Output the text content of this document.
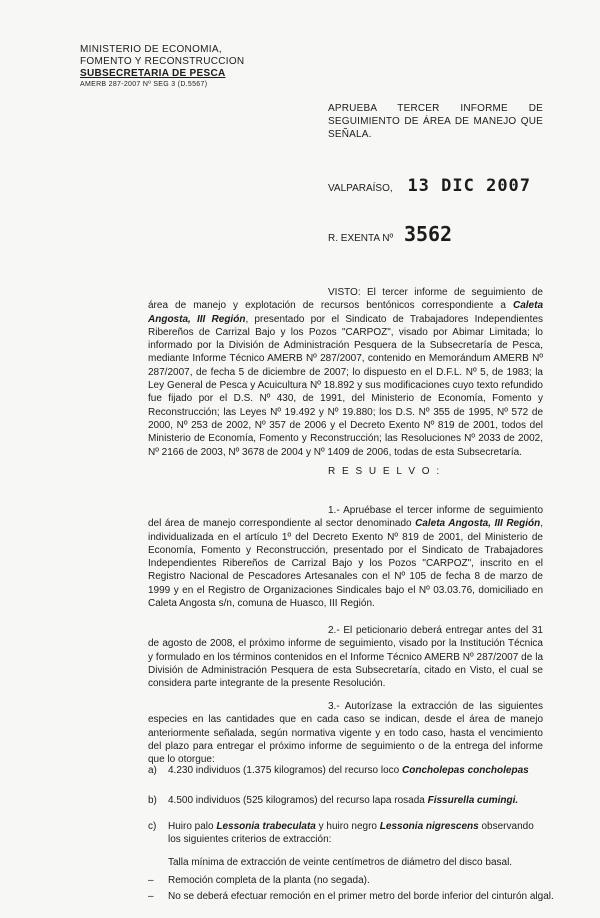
MINISTERIO DE ECONOMIA,
FOMENTO Y RECONSTRUCCION
SUBSECRETARIA DE PESCA
AMERB 287-2007 Nº SEG 3 (D.5567)
APRUEBA TERCER INFORME DE SEGUIMIENTO DE ÁREA DE MANEJO QUE SEÑALA.
VALPARAÍSO, 13 DIC 2007
R. EXENTA Nº 3562
VISTO: El tercer informe de seguimiento de área de manejo y explotación de recursos bentónicos correspondiente a Caleta Angosta, III Región, presentado por el Sindicato de Trabajadores Independientes Ribereños de Carrizal Bajo y los Pozos "CARPOZ", visado por Abimar Limitada; lo informado por la División de Administración Pesquera de la Subsecretaría de Pesca, mediante Informe Técnico AMERB Nº 287/2007, contenido en Memorándum AMERB Nº 287/2007, de fecha 5 de diciembre de 2007; lo dispuesto en el D.F.L. Nº 5, de 1983; la Ley General de Pesca y Acuicultura Nº 18.892 y sus modificaciones cuyo texto refundido fue fijado por el D.S. Nº 430, de 1991, del Ministerio de Economía, Fomento y Reconstrucción; las Leyes Nº 19.492 y Nº 19.880; los D.S. Nº 355 de 1995, Nº 572 de 2000, Nº 253 de 2002, Nº 357 de 2006 y el Decreto Exento Nº 819 de 2001, todos del Ministerio de Economía, Fomento y Reconstrucción; las Resoluciones Nº 2033 de 2002, Nº 2166 de 2003, Nº 3678 de 2004 y Nº 1409 de 2006, todas de esta Subsecretaría.
R E S U E L V O :
1.- Apruébase el tercer informe de seguimiento del área de manejo correspondiente al sector denominado Caleta Angosta, III Región, individualizada en el artículo 1º del Decreto Exento Nº 819 de 2001, del Ministerio de Economía, Fomento y Reconstrucción, presentado por el Sindicato de Trabajadores Independientes Ribereños de Carrizal Bajo y los Pozos "CARPOZ", inscrito en el Registro Nacional de Pescadores Artesanales con el Nº 105 de fecha 8 de marzo de 1999 y en el Registro de Organizaciones Sindicales bajo el Nº 03.03.76, domiciliado en Caleta Angosta s/n, comuna de Huasco, III Región.
2.- El peticionario deberá entregar antes del 31 de agosto de 2008, el próximo informe de seguimiento, visado por la Institución Técnica y formulado en los términos contenidos en el Informe Técnico AMERB Nº 287/2007 de la División de Administración Pesquera de esta Subsecretaría, citado en Visto, el cual se considera parte integrante de la presente Resolución.
3.- Autorízase la extracción de las siguientes especies en las cantidades que en cada caso se indican, desde el área de manejo anteriormente señalada, según normativa vigente y en todo caso, hasta el vencimiento del plazo para entregar el próximo informe de seguimiento o de la entrega del informe que lo otorgue:
a) 4.230 individuos (1.375 kilogramos) del recurso loco Concholepas concholepas
b) 4.500 individuos (525 kilogramos) del recurso lapa rosada Fissurella cumingi.
c) Huiro palo Lessonia trabeculata y huiro negro Lessonia nigrescens observando los siguientes criterios de extracción:
Talla mínima de extracción de veinte centímetros de diámetro del disco basal.
– Remoción completa de la planta (no segada).
– No se deberá efectuar remoción en el primer metro del borde inferior del cinturón algal.
